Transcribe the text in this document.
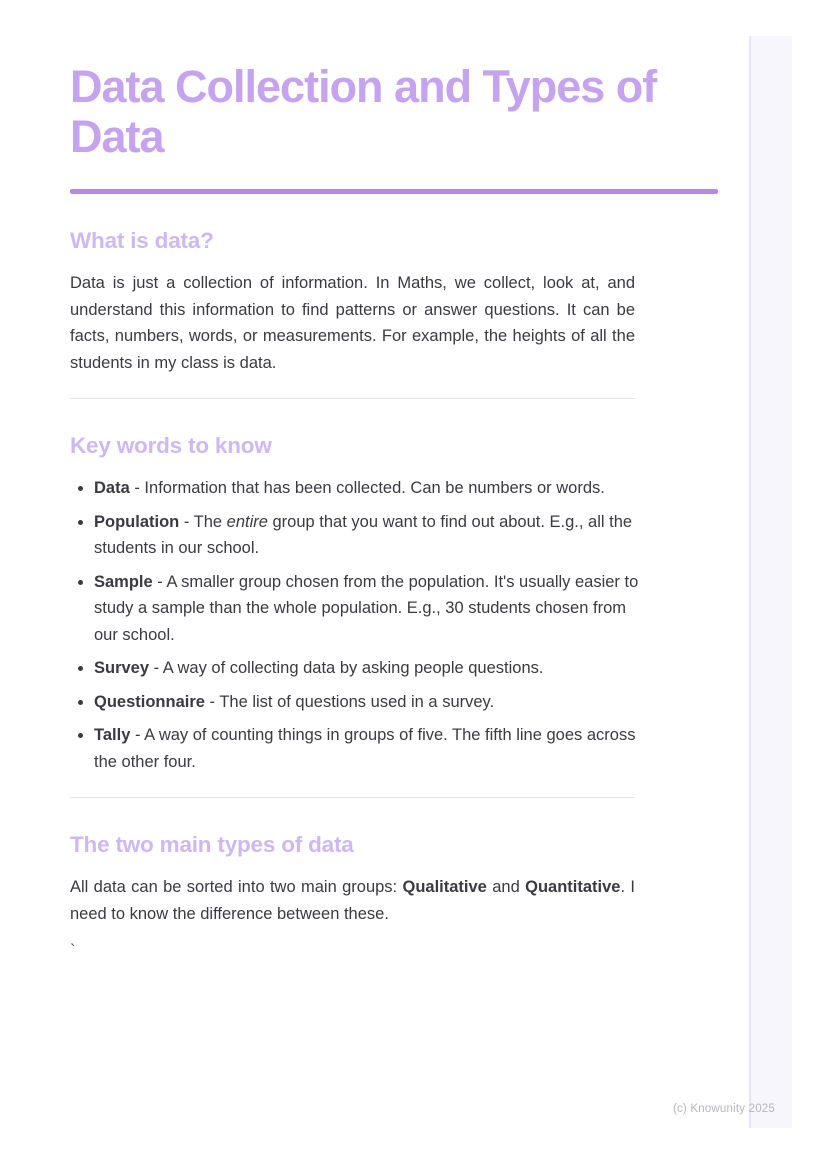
Data Collection and Types of Data
What is data?

Data is just a collection of information. In Maths, we collect, look at, and understand this information to find patterns or answer questions. It can be facts, numbers, words, or measurements. For example, the heights of all the students in my class is data.

Key words to know
• Data - Information that has been collected. Can be numbers or words.
• Population - The entire group that you want to find out about. E.g., all the students in our school.
• Sample - A smaller group chosen from the population. It's usually easier to study a sample than the whole population. E.g., 30 students chosen from our school.
• Survey - A way of collecting data by asking people questions.
• Questionnaire - The list of questions used in a survey.
• Tally - A way of counting things in groups of five. The fifth line goes across the other four.
The two main types of data

All data can be sorted into two main groups: Qualitative and Quantitative. I need to know the difference between these.

`

(c) Knowunity 2025
